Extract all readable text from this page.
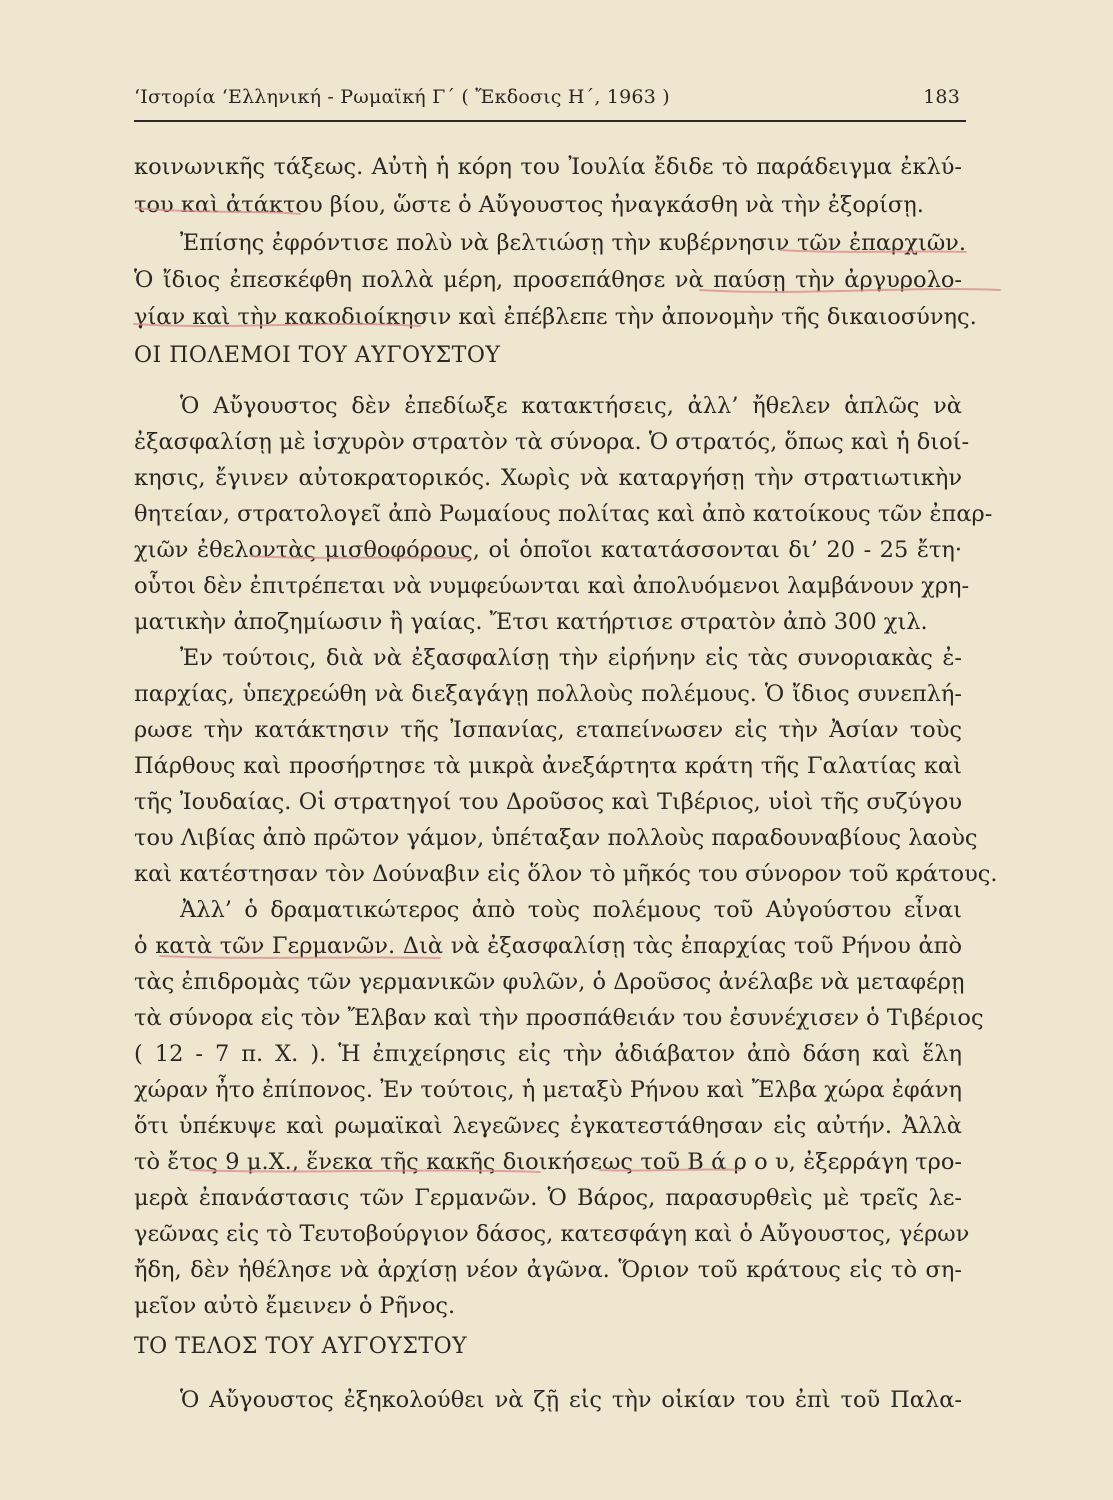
‘Ιστορία ‘Ελληνική - Ρωμαϊκή Γ΄ ( Ἔκδοσις Η΄, 1963 )	183
κοινωνικῆς τάξεως. Αὐτὴ ἡ κόρη του Ἰουλία ἔδιδε τὸ παράδειγμα ἐκλύ-
του καὶ ἀτάκτου βίου, ὥστε ὁ Αὔγουστος ἠναγκάσθη νὰ τὴν ἐξορίσῃ.
Ἐπίσης ἐφρόντισε πολὺ νὰ βελτιώσῃ τὴν κυβέρνησιν τῶν ἐπαρχιῶν.
Ὁ ἴδιος ἐπεσκέφθη πολλὰ μέρη, προσεπάθησε νὰ παύσῃ τὴν ἀργυρολο-
γίαν καὶ τὴν κακοδιοίκησιν καὶ ἐπέβλεπε τὴν ἀπονομὴν τῆς δικαιοσύνης.
ΟΙ ΠΟΛΕΜΟΙ ΤΟΥ ΑΥΓΟΥΣΤΟΥ
Ὁ Αὔγουστος δὲν ἐπεδίωξε κατακτήσεις, ἀλλ’ ἤθελεν ἁπλῶς νὰ
ἐξασφαλίσῃ μὲ ἰσχυρὸν στρατὸν τὰ σύνορα. Ὁ στρατός, ὅπως καὶ ἡ διοί-
κησις, ἔγινεν αὐτοκρατορικός. Χωρὶς νὰ καταργήσῃ τὴν στρατιωτικὴν
θητείαν, στρατολογεῖ ἀπὸ Ρωμαίους πολίτας καὶ ἀπὸ κατοίκους τῶν ἐπαρ-
χιῶν ἐθελοντὰς μισθοφόρους, οἱ ὁποῖοι κατατάσσονται δι’ 20 - 25 ἔτη·
οὗτοι δὲν ἐπιτρέπεται νὰ νυμφεύωνται καὶ ἀπολυόμενοι λαμβάνουν χρη-
ματικὴν ἀποζημίωσιν ἢ γαίας. Ἔτσι κατήρτισε στρατὸν ἀπὸ 300 χιλ.
Ἐν τούτοις, διὰ νὰ ἐξασφαλίσῃ τὴν εἰρήνην εἰς τὰς συνοριακὰς ἐ-
παρχίας, ὑπεχρεώθη νὰ διεξαγάγῃ πολλοὺς πολέμους. Ὁ ἴδιος συνεπλή-
ρωσε τὴν κατάκτησιν τῆς Ἰσπανίας, εταπείνωσεν εἰς τὴν Ἀσίαν τοὺς
Πάρθους καὶ προσήρτησε τὰ μικρὰ ἀνεξάρτητα κράτη τῆς Γαλατίας καὶ
τῆς Ἰουδαίας. Οἱ στρατηγοί του Δροῦσος καὶ Τιβέριος, υἱοὶ τῆς συζύγου
του Λιβίας ἀπὸ πρῶτον γάμον, ὑπέταξαν πολλοὺς παραδουναβίους λαοὺς
καὶ κατέστησαν τὸν Δούναβιν εἰς ὅλον τὸ μῆκός του σύνορον τοῦ κράτους.
Ἀλλ’ ὁ δραματικώτερος ἀπὸ τοὺς πολέμους τοῦ Αὐγούστου εἶναι
ὁ κατὰ τῶν Γερμανῶν. Διὰ νὰ ἐξασφαλίσῃ τὰς ἐπαρχίας τοῦ Ρήνου ἀπὸ
τὰς ἐπιδρομὰς τῶν γερμανικῶν φυλῶν, ὁ Δροῦσος ἀνέλαβε νὰ μεταφέρῃ
τὰ σύνορα εἰς τὸν Ἔλβαν καὶ τὴν προσπάθειάν του ἐσυνέχισεν ὁ Τιβέριος
( 12 - 7 π. Χ. ). Ἡ ἐπιχείρησις εἰς τὴν ἀδιάβατον ἀπὸ δάση καὶ ἕλη
χώραν ἦτο ἐπίπονος. Ἐν τούτοις, ἡ μεταξὺ Ρήνου καὶ Ἔλβα χώρα ἐφάνη
ὅτι ὑπέκυψε καὶ ρωμαϊκαὶ λεγεῶνες ἐγκατεστάθησαν εἰς αὐτήν. Ἀλλὰ
τὸ ἔτος 9 μ.Χ., ἕνεκα τῆς κακῆς διοικήσεως τοῦ Β ά ρ ο υ, ἐξερράγη τρο-
μερὰ ἐπανάστασις τῶν Γερμανῶν. Ὁ Βάρος, παρασυρθεὶς μὲ τρεῖς λε-
γεῶνας εἰς τὸ Τευτοβούργιον δάσος, κατεσφάγη καὶ ὁ Αὔγουστος, γέρων
ἤδη, δὲν ἠθέλησε νὰ ἀρχίσῃ νέον ἀγῶνα. Ὅριον τοῦ κράτους εἰς τὸ ση-
μεῖον αὐτὸ ἔμεινεν ὁ Ρῆνος.
ΤΟ ΤΕΛΟΣ ΤΟΥ ΑΥΓΟΥΣΤΟΥ
Ὁ Αὔγουστος ἐξηκολούθει νὰ ζῇ εἰς τὴν οἰκίαν του ἐπὶ τοῦ Παλα-
